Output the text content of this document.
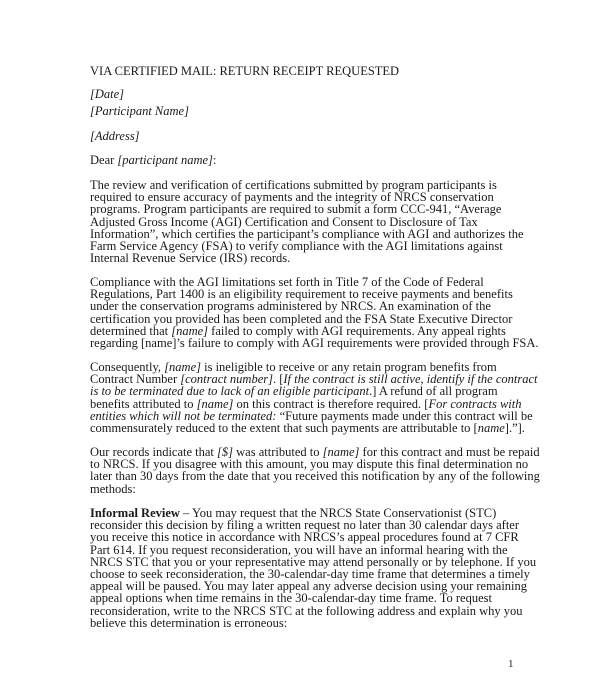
VIA CERTIFIED MAIL: RETURN RECEIPT REQUESTED
[Date]
[Participant Name]
[Address]
Dear [participant name]:
The review and verification of certifications submitted by program participants is
required to ensure accuracy of payments and the integrity of NRCS conservation
programs. Program participants are required to submit a form CCC-941, “Average
Adjusted Gross Income (AGI) Certification and Consent to Disclosure of Tax
Information”, which certifies the participant’s compliance with AGI and authorizes the
Farm Service Agency (FSA) to verify compliance with the AGI limitations against
Internal Revenue Service (IRS) records.
Compliance with the AGI limitations set forth in Title 7 of the Code of Federal
Regulations, Part 1400 is an eligibility requirement to receive payments and benefits
under the conservation programs administered by NRCS. An examination of the
certification you provided has been completed and the FSA State Executive Director
determined that [name] failed to comply with AGI requirements. Any appeal rights
regarding [name]’s failure to comply with AGI requirements were provided through FSA.
Consequently, [name] is ineligible to receive or any retain program benefits from
Contract Number [contract number]. [If the contract is still active, identify if the contract
is to be terminated due to lack of an eligible participant.] A refund of all program
benefits attributed to [name] on this contract is therefore required. [For contracts with
entities which will not be terminated: “Future payments made under this contract will be
commensurately reduced to the extent that such payments are attributable to [name].”].
Our records indicate that [$] was attributed to [name] for this contract and must be repaid
to NRCS. If you disagree with this amount, you may dispute this final determination no
later than 30 days from the date that you received this notification by any of the following
methods:
Informal Review – You may request that the NRCS State Conservationist (STC)
reconsider this decision by filing a written request no later than 30 calendar days after
you receive this notice in accordance with NRCS’s appeal procedures found at 7 CFR
Part 614. If you request reconsideration, you will have an informal hearing with the
NRCS STC that you or your representative may attend personally or by telephone. If you
choose to seek reconsideration, the 30-calendar-day time frame that determines a timely
appeal will be paused. You may later appeal any adverse decision using your remaining
appeal options when time remains in the 30-calendar-day time frame. To request
reconsideration, write to the NRCS STC at the following address and explain why you
believe this determination is erroneous:
1
